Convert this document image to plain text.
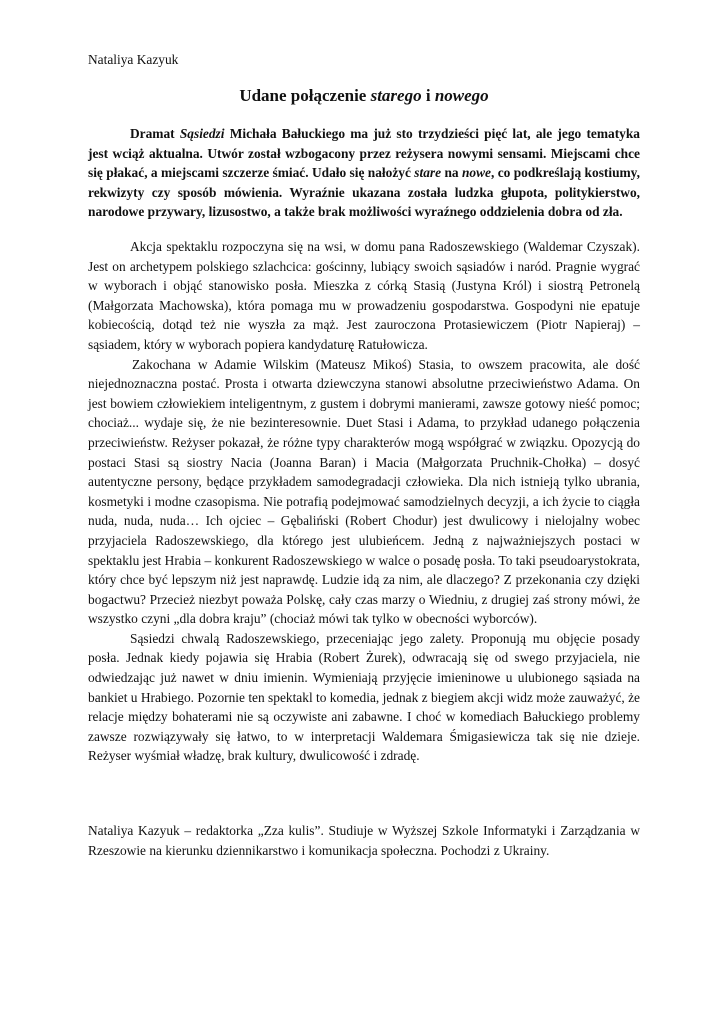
Nataliya Kazyuk

Udane połączenie starego i nowego

Dramat Sąsiedzi Michała Bałuckiego ma już sto trzydzieści pięć lat, ale jego tematyka jest wciąż aktualna. Utwór został wzbogacony przez reżysera nowymi sensami. Miejscami chce się płakać, a miejscami szczerze śmiać. Udało się nałożyć stare na nowe, co podkreślają kostiumy, rekwizyty czy sposób mówienia. Wyraźnie ukazana została ludzka głupota, politykierstwo, narodowe przywary, lizusostwo, a także brak możliwości wyraźnego oddzielenia dobra od zła.

Akcja spektaklu rozpoczyna się na wsi, w domu pana Radoszewskiego (Waldemar Czyszak). Jest on archetypem polskiego szlachcica: gościnny, lubiący swoich sąsiadów i naród. Pragnie wygrać w wyborach i objąć stanowisko posła. Mieszka z córką Stasią (Justyna Król) i siostrą Petronelą (Małgorzata Machowska), która pomaga mu w prowadzeniu gospodarstwa. Gospodyni nie epatuje kobiecością, dotąd też nie wyszła za mąż. Jest zauroczona Protasiewiczem (Piotr Napieraj) – sąsiadem, który w wyborach popiera kandydaturę Ratułowicza.

Zakochana w Adamie Wilskim (Mateusz Mikoś) Stasia, to owszem pracowita, ale dość niejednoznaczna postać. Prosta i otwarta dziewczyna stanowi absolutne przeciwieństwo Adama. On jest bowiem człowiekiem inteligentnym, z gustem i dobrymi manierami, zawsze gotowy nieść pomoc; chociaż... wydaje się, że nie bezinteresownie. Duet Stasi i Adama, to przykład udanego połączenia przeciwieństw. Reżyser pokazał, że różne typy charakterów mogą współgrać w związku. Opozycją do postaci Stasi są siostry Nacia (Joanna Baran) i Macia (Małgorzata Pruchnik-Chołka) – dosyć autentyczne persony, będące przykładem samodegradacji człowieka. Dla nich istnieją tylko ubrania, kosmetyki i modne czasopisma. Nie potrafią podejmować samodzielnych decyzji, a ich życie to ciągła nuda, nuda, nuda… Ich ojciec – Gębaliński (Robert Chodur) jest dwulicowy i nielojalny wobec przyjaciela Radoszewskiego, dla którego jest ulubieńcem. Jedną z najważniejszych postaci w spektaklu jest Hrabia – konkurent Radoszewskiego w walce o posadę posła. To taki pseudoarystokrata, który chce być lepszym niż jest naprawdę. Ludzie idą za nim, ale dlaczego? Z przekonania czy dzięki bogactwu? Przecież niezbyt poważa Polskę, cały czas marzy o Wiedniu, z drugiej zaś strony mówi, że wszystko czyni „dla dobra kraju” (chociaż mówi tak tylko w obecności wyborców).

Sąsiedzi chwalą Radoszewskiego, przeceniając jego zalety. Proponują mu objęcie posady posła. Jednak kiedy pojawia się Hrabia (Robert Żurek), odwracają się od swego przyjaciela, nie odwiedzając już nawet w dniu imienin. Wymieniają przyjęcie imieninowe u ulubionego sąsiada na bankiet u Hrabiego. Pozornie ten spektakl to komedia, jednak z biegiem akcji widz może zauważyć, że relacje między bohaterami nie są oczywiste ani zabawne. I choć w komediach Bałuckiego problemy zawsze rozwiązywały się łatwo, to w interpretacji Waldemara Śmigasiewicza tak się nie dzieje. Reżyser wyśmiał władzę, brak kultury, dwulicowość i zdradę.

Nataliya Kazyuk – redaktorka „Zza kulis”. Studiuje w Wyższej Szkole Informatyki i Zarządzania w Rzeszowie na kierunku dziennikarstwo i komunikacja społeczna. Pochodzi z Ukrainy.
